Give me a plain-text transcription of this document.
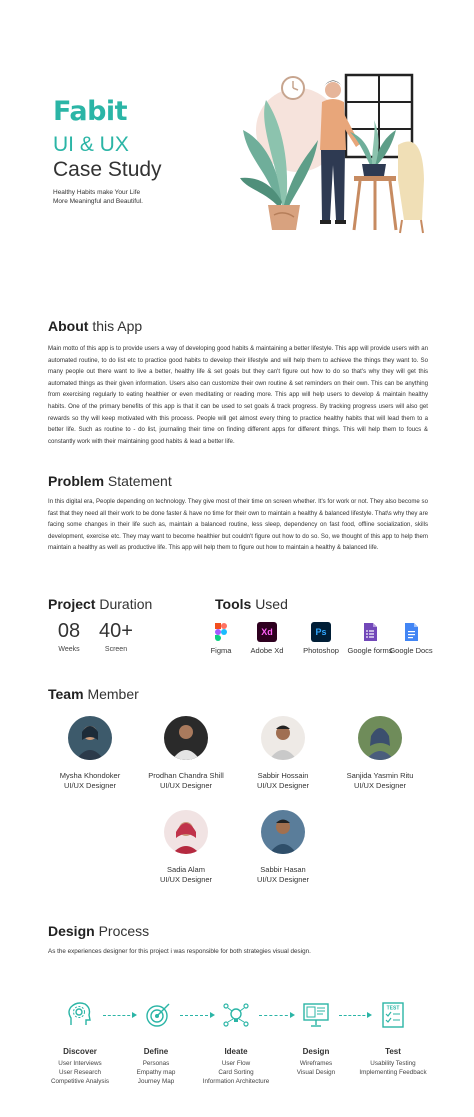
Fabit
UI & UX
Case Study
Healthy Habits make Your Life
More Meaningful and Beautiful.
About this App
Main motto of this app is to provide users a way of developing good habits & maintaining a better lifestyle. This app will provide users with an automated routine, to do list etc to practice good habits to develop their lifestyle and will help them to achieve the things they want to. So many people out there want to live a better, healthy life & set goals but they can't figure out how to do so that's why they will get this automated things as their given information. Users also can customize their own routine & set reminders on their own. This can be anything from exercising regularly to eating healthier or even meditating or reading more. This app will help users to develop & maintain healthy habits. One of the primary benefits of this app is that it can be used to set goals & track progress. By tracking progress users will also get rewards so thy will keep motivated with this process. People will get almost every thing to practice healthy habits that will lead them to a better life. Such as routine to - do list, journaling their time on finding different apps for different things. This will help them to foucs & constantly work with their maintaining good habits & lead a better life.
Problem Statement
In this digital era, People depending on technology. They give most of their time on screen whether. It's for work or not. They also become so fast that they need all their work to be done faster & have no time for their own to maintain a healthy & balanced lifestyle. That\s why they are facing some changes in their life such as, maintain a balanced routine, less sleep, dependency on fast food, offline socialization, skills development, exercise etc. They may want to become healthier but couldn't figure out how to do so. So, we thought of this app to help them maintain a healthy as well as productive life. This app will help them to figure out how to maintain a healthy & balanced life.
Project Duration
08
Weeks
40+
Screen
Tools Used
Figma
Xd
Adobe Xd
Ps
Photoshop	Google forms
Google Docs
Team Member
Mysha Khondoker
UI/UX Designer
Prodhan Chandra Shill
UI/UX Designer
Sabbir Hossain
UI/UX Designer
Sanjida Yasmin Ritu
UI/UX Designer
Sadia Alam
UI/UX Designer
Sabbir Hasan
UI/UX Designer
Design Process
As the experiences designer for this project i was responsible for both strategies visual design.
TEST
Discover
User Interviews
User Research
Competitive Analysis
Define
Personas
Empathy map
Journey Map
Ideate
User Flow
Card Sorting
Information Architecture
Design
Wireframes
Visual Design
Test
Usability Testing
Implementing Feedback
